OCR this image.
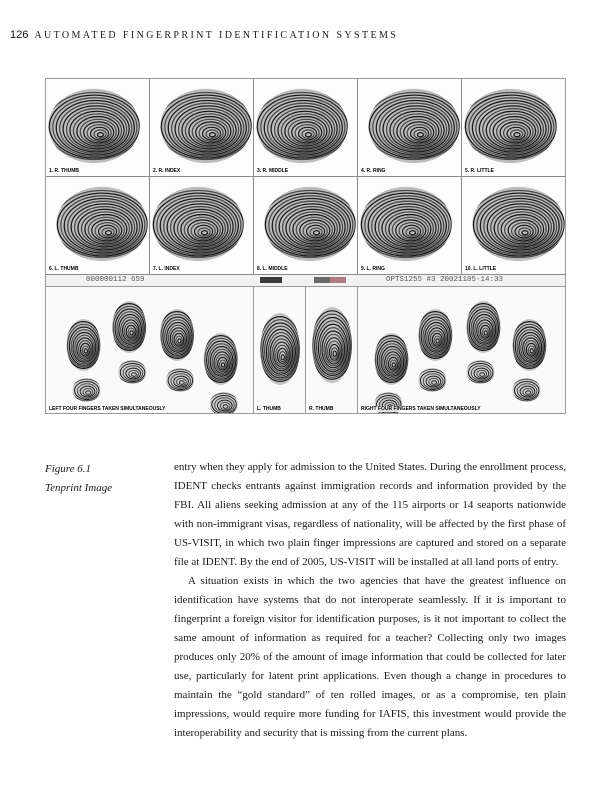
126 AUTOMATED FINGERPRINT IDENTIFICATION SYSTEMS
1. R. THUMB	2. R. INDEX	3. R. MIDDLE	4. R. RING	5. R. LITTLE
6. L. THUMB	7. L. INDEX	8. L. MIDDLE	9. L. RING	10. L. LITTLE
000000112 659	OPTS1255 #3 20021105-14:33
LEFT FOUR FINGERS TAKEN SIMULTANEOUSLY	L. THUMB	R. THUMB	RIGHT FOUR FINGERS TAKEN SIMULTANEOUSLY
Figure 6.1
Tenprint Image

entry when they apply for admission to the United States. During the enrollment process, IDENT checks entrants against immigration records and information provided by the FBI. All aliens seeking admission at any of the 115 airports or 14 seaports nationwide with non-immigrant visas, regardless of nationality, will be affected by the first phase of US-VISIT, in which two plain finger impressions are captured and stored on a separate file at IDENT. By the end of 2005, US-VISIT will be installed at all land ports of entry.

A situation exists in which the two agencies that have the greatest influence on identification have systems that do not interoperate seamlessly. If it is important to fingerprint a foreign visitor for identification purposes, is it not important to collect the same amount of information as required for a teacher? Collecting only two images produces only 20% of the amount of image information that could be collected for later use, particularly for latent print applications. Even though a change in procedures to maintain the “gold standard” of ten rolled images, or as a compromise, ten plain impressions, would require more funding for IAFIS, this investment would provide the interoperability and security that is missing from the current plans.
